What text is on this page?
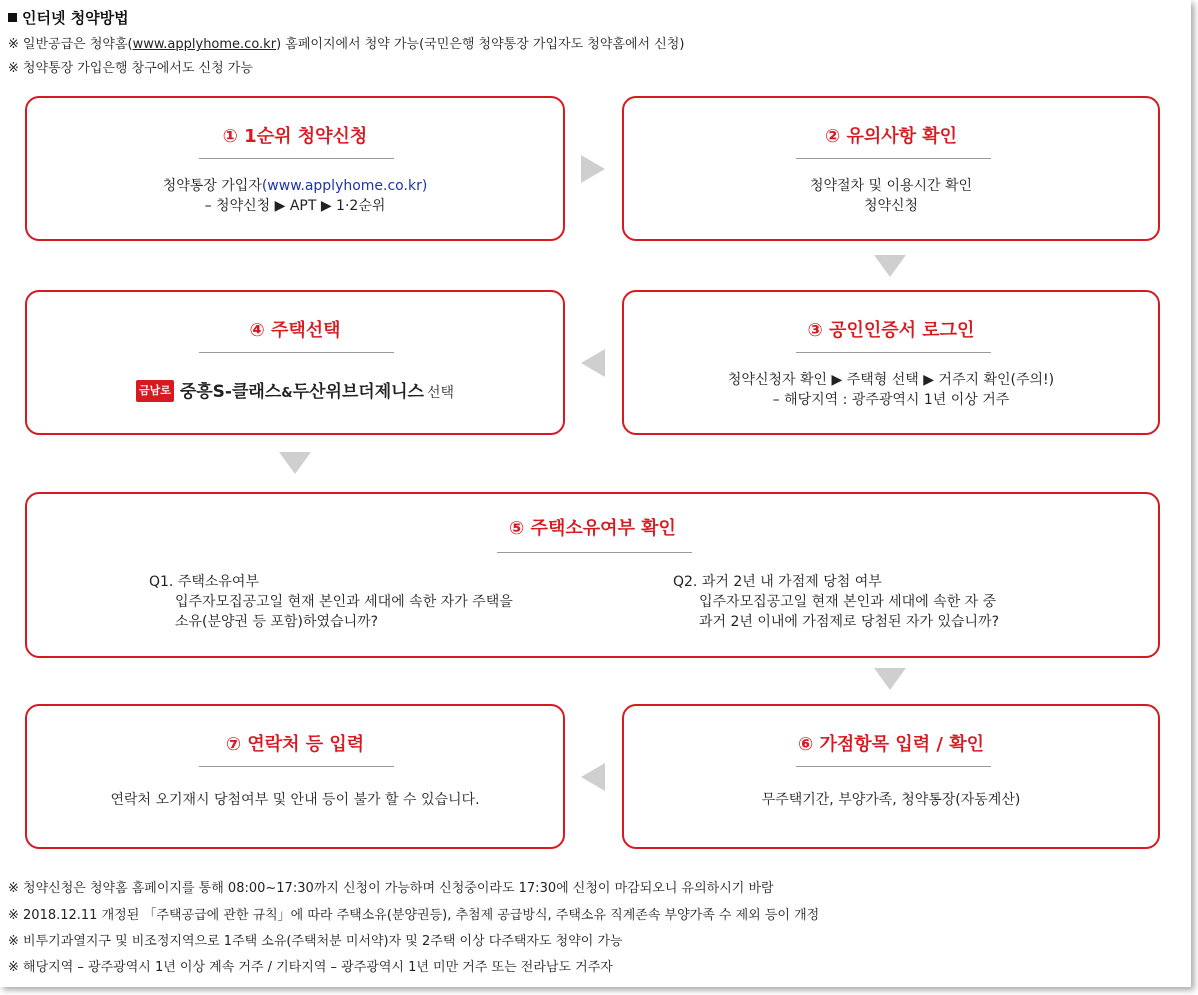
인터넷 청약방법
※ 일반공급은 청약홈(www.applyhome.co.kr) 홈페이지에서 청약 가능(국민은행 청약통장 가입자도 청약홈에서 신청)
※ 청약통장 가입은행 창구에서도 신청 가능
① 1순위 청약신청
청약통장 가입자(www.applyhome.co.kr)
– 청약신청 ▶ APT ▶ 1·2순위
② 유의사항 확인
청약절차 및 이용시간 확인
청약신청
④ 주택선택
금남로 중흥S-클래스&두산위브더제니스 선택
③ 공인인증서 로그인
청약신청자 확인 ▶ 주택형 선택 ▶ 거주지 확인(주의!)
– 해당지역 : 광주광역시 1년 이상 거주
⑤ 주택소유여부 확인
Q1. 주택소유여부
입주자모집공고일 현재 본인과 세대에 속한 자가 주택을
소유(분양권 등 포함)하였습니까?
Q2. 과거 2년 내 가점제 당첨 여부
입주자모집공고일 현재 본인과 세대에 속한 자 중
과거 2년 이내에 가점제로 당첨된 자가 있습니까?
⑦ 연락처 등 입력
연락처 오기재시 당첨여부 및 안내 등이 불가 할 수 있습니다.
⑥ 가점항목 입력 / 확인
무주택기간, 부양가족, 청약통장(자동계산)
※ 청약신청은 청약홈 홈페이지를 통해 08:00~17:30까지 신청이 가능하며 신청중이라도 17:30에 신청이 마감되오니 유의하시기 바람
※ 2018.12.11 개정된 「주택공급에 관한 규칙」에 따라 주택소유(분양권등), 추첨제 공급방식, 주택소유 직계존속 부양가족 수 제외 등이 개정
※ 비투기과열지구 및 비조정지역으로 1주택 소유(주택처분 미서약)자 및 2주택 이상 다주택자도 청약이 가능
※ 해당지역 – 광주광역시 1년 이상 계속 거주 / 기타지역 – 광주광역시 1년 미만 거주 또는 전라남도 거주자
